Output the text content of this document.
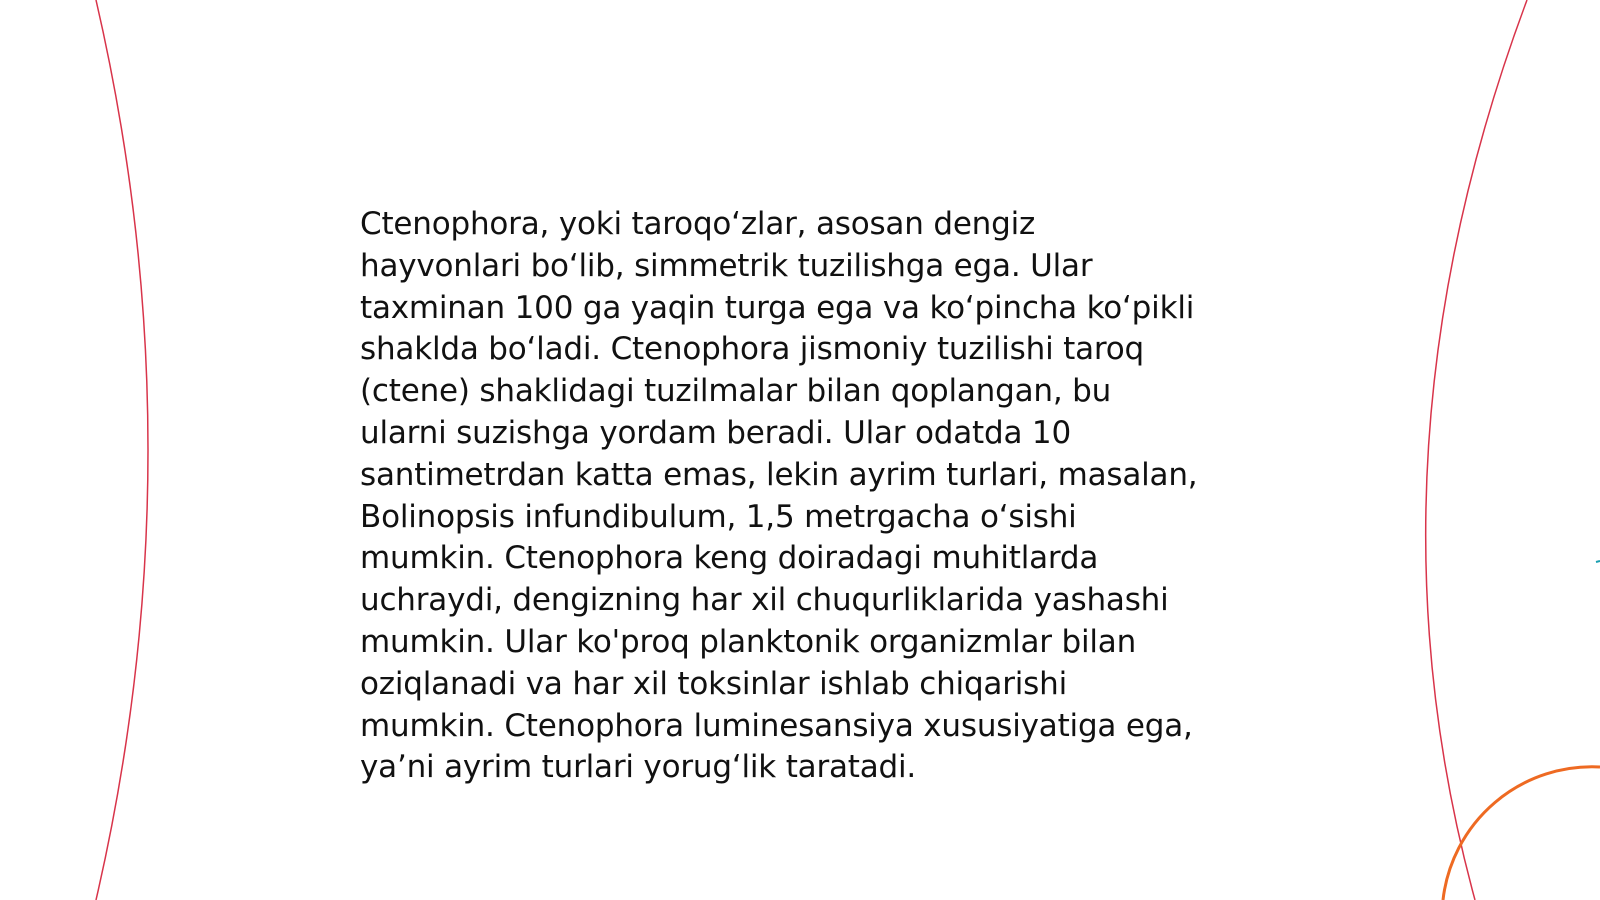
Ctenophora, yoki taroqo‘zlar, asosan dengiz
hayvonlari bo‘lib, simmetrik tuzilishga ega. Ular
taxminan 100 ga yaqin turga ega va ko‘pincha ko‘pikli
shaklda bo‘ladi. Ctenophora jismoniy tuzilishi taroq
(ctene) shaklidagi tuzilmalar bilan qoplangan, bu
ularni suzishga yordam beradi. Ular odatda 10
santimetrdan katta emas, lekin ayrim turlari, masalan,
Bolinopsis infundibulum, 1,5 metrgacha o‘sishi
mumkin. Ctenophora keng doiradagi muhitlarda
uchraydi, dengizning har xil chuqurliklarida yashashi
mumkin. Ular ko'proq planktonik organizmlar bilan
oziqlanadi va har xil toksinlar ishlab chiqarishi
mumkin. Ctenophora luminesansiya xususiyatiga ega,
ya’ni ayrim turlari yorug‘lik taratadi.
